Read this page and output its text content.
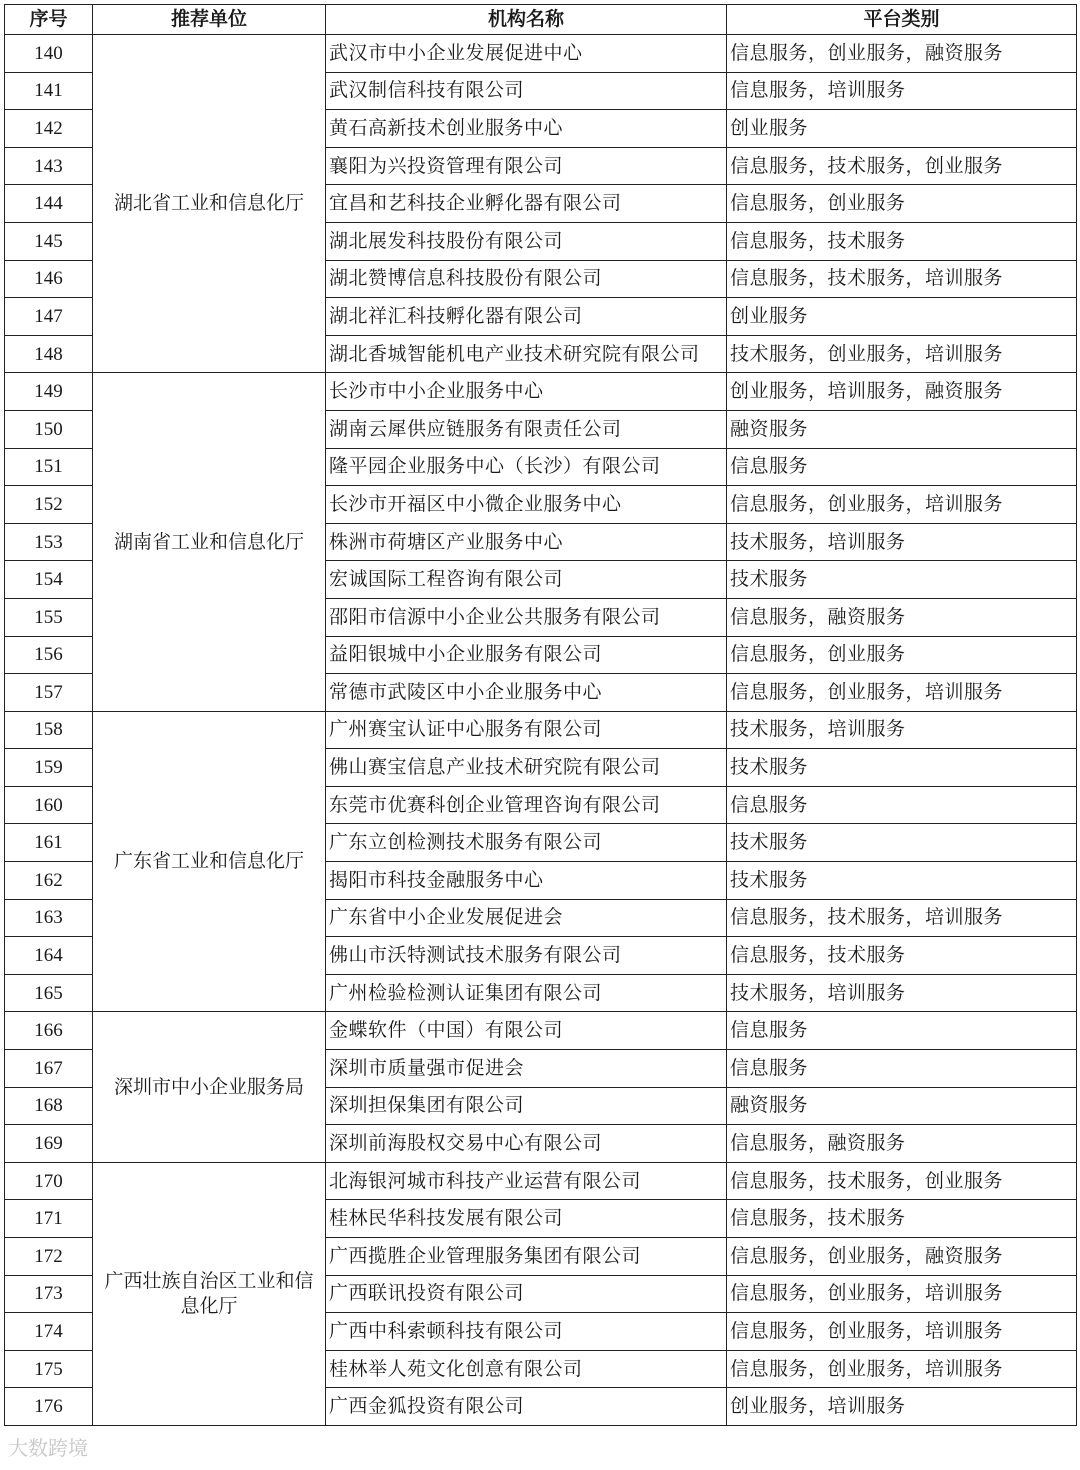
序号	推荐单位	机构名称	平台类别
140	湖北省工业和信息化厅	武汉市中小企业发展促进中心	信息服务，创业服务，融资服务
141		武汉制信科技有限公司	信息服务，培训服务
142		黄石高新技术创业服务中心	创业服务
143		襄阳为兴投资管理有限公司	信息服务，技术服务，创业服务
144		宜昌和艺科技企业孵化器有限公司	信息服务，创业服务
145		湖北展发科技股份有限公司	信息服务，技术服务
146		湖北赞博信息科技股份有限公司	信息服务，技术服务，培训服务
147		湖北祥汇科技孵化器有限公司	创业服务
148		湖北香城智能机电产业技术研究院有限公司	技术服务，创业服务，培训服务
149	湖南省工业和信息化厅	长沙市中小企业服务中心	创业服务，培训服务，融资服务
150		湖南云犀供应链服务有限责任公司	融资服务
151		隆平园企业服务中心（长沙）有限公司	信息服务
152		长沙市开福区中小微企业服务中心	信息服务，创业服务，培训服务
153		株洲市荷塘区产业服务中心	技术服务，培训服务
154		宏诚国际工程咨询有限公司	技术服务
155		邵阳市信源中小企业公共服务有限公司	信息服务，融资服务
156		益阳银城中小企业服务有限公司	信息服务，创业服务
157		常德市武陵区中小企业服务中心	信息服务，创业服务，培训服务
158	广东省工业和信息化厅	广州赛宝认证中心服务有限公司	技术服务，培训服务
159		佛山赛宝信息产业技术研究院有限公司	技术服务
160		东莞市优赛科创企业管理咨询有限公司	信息服务
161		广东立创检测技术服务有限公司	技术服务
162		揭阳市科技金融服务中心	技术服务
163		广东省中小企业发展促进会	信息服务，技术服务，培训服务
164		佛山市沃特测试技术服务有限公司	信息服务，技术服务
165		广州检验检测认证集团有限公司	技术服务，培训服务
166	深圳市中小企业服务局	金蝶软件（中国）有限公司	信息服务
167		深圳市质量强市促进会	信息服务
168		深圳担保集团有限公司	融资服务
169		深圳前海股权交易中心有限公司	信息服务，融资服务
170	广西壮族自治区工业和信息化厅	北海银河城市科技产业运营有限公司	信息服务，技术服务，创业服务
171		桂林民华科技发展有限公司	信息服务，技术服务
172		广西揽胜企业管理服务集团有限公司	信息服务，创业服务，融资服务
173		广西联讯投资有限公司	信息服务，创业服务，培训服务
174		广西中科索顿科技有限公司	信息服务，创业服务，培训服务
175		桂林举人苑文化创意有限公司	信息服务，创业服务，培训服务
176		广西金狐投资有限公司	创业服务，培训服务
大数跨境
